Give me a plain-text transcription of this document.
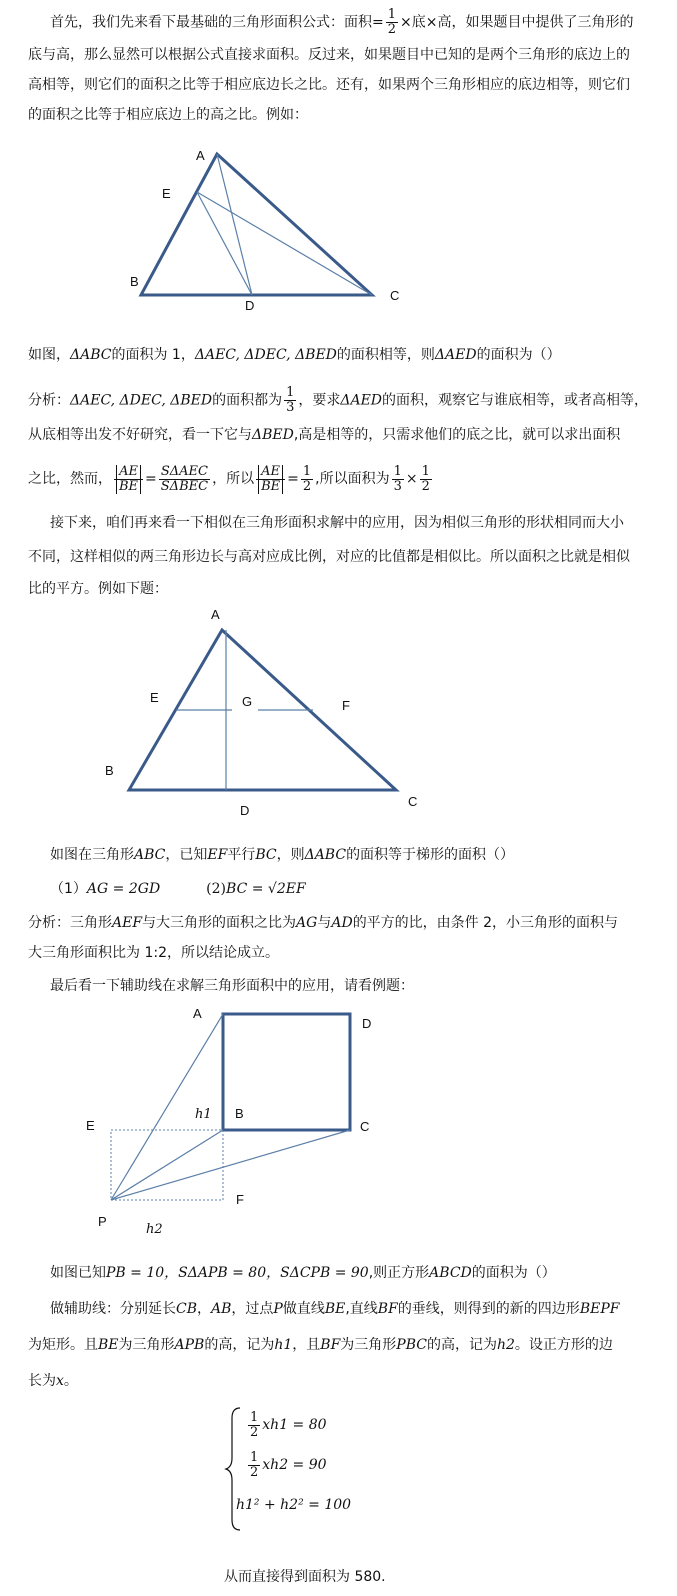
首先，我们先来看下最基础的三角形面积公式：面积= $\frac{1}{2}$ ×底×高，如果题目中提供了三角形的
底与高，那么显然可以根据公式直接求面积。反过来，如果题目中已知的是两个三角形的底边上的
高相等，则它们的面积之比等于相应底边长之比。还有，如果两个三角形相应的底边相等，则它们
的面积之比等于相应底边上的高之比。例如：
A
E
B
D
C
如图，ΔABC的面积为 1，ΔAEC, ΔDEC, ΔBED的面积相等，则ΔAED的面积为（）
分析：ΔAEC, ΔDEC, ΔBED的面积都为 $\frac{1}{3}$ ，要求ΔAED的面积，观察它与谁底相等，或者高相等，
从底相等出发不好研究，看一下它与ΔBED,高是相等的，只需求他们的底之比，就可以求出面积
之比，然而， $\frac{AE}{BE} = \frac{\text{SΔAEC}}{\text{SΔBEC}}$ ，所以 $\frac{AE}{BE} = \frac{1}{2}$ ,所以面积为 $\frac{1}{3} \times \frac{1}{2}$
接下来，咱们再来看一下相似在三角形面积求解中的应用，因为相似三角形的形状相同而大小
不同，这样相似的两三角形边长与高对应成比例，对应的比值都是相似比。所以面积之比就是相似
比的平方。例如下题：
A
E	G	F
B
D
C
如图在三角形ABC，已知EF平行BC，则ΔABC的面积等于梯形的面积（）
（1）AG = 2GD	(2)BC = √2EF
分析：三角形AEF与大三角形的面积之比为AG与AD的平方的比，由条件 2，小三角形的面积与
大三角形面积比为 1:2，所以结论成立。
最后看一下辅助线在求解三角形面积中的应用，请看例题：
A
D
B
C
E
F
P
h1
h2
如图已知PB = 10，SΔAPB = 80，SΔCPB = 90,则正方形ABCD的面积为（）
做辅助线：分别延长CB，AB，过点P做直线BE,直线BF的垂线，则得到的新的四边形BEPF
为矩形。且BE为三角形APB的高，记为h1，且BF为三角形PBC的高，记为h2。设正方形的边
长为x。
$\frac{1}{2} xh1 = 80$
$\frac{1}{2} xh2 = 90$
h1² + h2² = 100
从而直接得到面积为 580.
